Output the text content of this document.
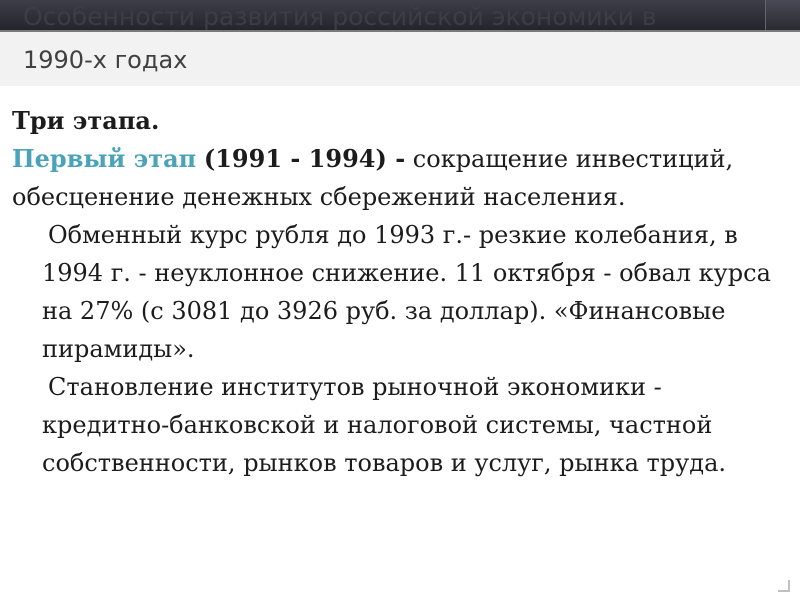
Особенности развития российской экономики в
1990-х годах

Три этапа.

Первый этап (1991 - 1994) - сокращение инвестиций, обесценение денежных сбережений населения.

Обменный курс рубля до 1993 г.- резкие колебания, в 1994 г. - неуклонное снижение. 11 октября - обвал курса на 27% (с 3081 до 3926 руб. за доллар). «Финансовые пирамиды».

Становление институтов рыночной экономики - кредитно-банковской и налоговой системы, частной собственности, рынков товаров и услуг, рынка труда.
